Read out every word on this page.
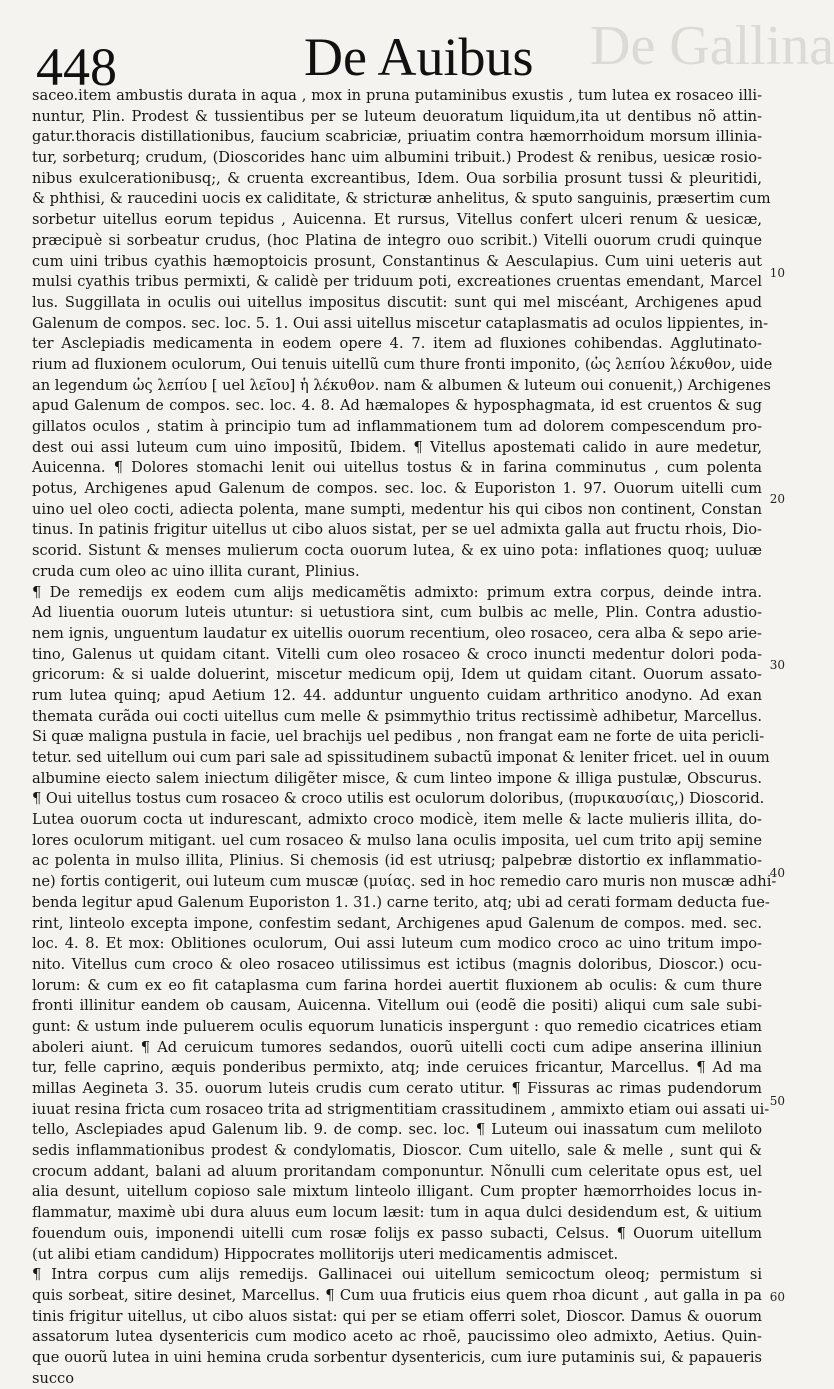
De Gallina
448	De Auibus
saceo.item ambustis durata in aqua , mox in pruna putaminibus exustis , tum lutea ex rosaceo illi-
nuntur, Plin. Prodest & tussientibus per se luteum deuoratum liquidum,ita ut dentibus nõ attin-
gatur.thoracis distillationibus, faucium scabriciæ, priuatim contra hæmorrhoidum morsum illinia-
tur, sorbeturq; crudum, (Dioscorides hanc uim albumini tribuit.) Prodest & renibus, uesicæ rosio-
nibus exulcerationibusq;, & cruenta excreantibus, Idem. Oua sorbilia prosunt tussi & pleuritidi,
& phthisi, & raucedini uocis ex caliditate, & stricturæ anhelitus, & sputo sanguinis, præsertim cum
sorbetur uitellus eorum tepidus , Auicenna. Et rursus, Vitellus confert ulceri renum & uesicæ,
præcipuè si sorbeatur crudus, (hoc Platina de integro ouo scribit.) Vitelli ouorum crudi quinque
cum uini tribus cyathis hæmoptoicis prosunt, Constantinus & Aesculapius. Cum uini ueteris aut
mulsi cyathis tribus permixti, & calidè per triduum poti, excreationes cruentas emendant, Marcel
lus. Suggillata in oculis oui uitellus impositus discutit: sunt qui mel miscéant, Archigenes apud
Galenum de compos. sec. loc. 5. 1. Oui assi uitellus miscetur cataplasmatis ad oculos lippientes, in-
ter Asclepiadis medicamenta in eodem opere 4. 7. item ad fluxiones cohibendas. Agglutinato-
rium ad fluxionem oculorum, Oui tenuis uitellũ cum thure fronti imponito, (ὡς λεπίου λέκυθον, uide
an legendum ὡς λεπίου [ uel λεῖου] ἡ λέκυθον. nam & albumen & luteum oui conuenit,) Archigenes
apud Galenum de compos. sec. loc. 4. 8. Ad hæmalopes & hyposphagmata, id est cruentos & sug
gillatos oculos , statim à principio tum ad inflammationem tum ad dolorem compescendum pro-
dest oui assi luteum cum uino impositũ, Ibidem. ¶ Vitellus apostemati calido in aure medetur,
Auicenna. ¶ Dolores stomachi lenit oui uitellus tostus & in farina comminutus , cum polenta
potus, Archigenes apud Galenum de compos. sec. loc. & Euporiston 1. 97. Ouorum uitelli cum
uino uel oleo cocti, adiecta polenta, mane sumpti, medentur his qui cibos non continent, Constan
tinus. In patinis frigitur uitellus ut cibo aluos sistat, per se uel admixta galla aut fructu rhois, Dio-
scorid. Sistunt & menses mulierum cocta ouorum lutea, & ex uino pota: inflationes quoq; uuluæ
cruda cum oleo ac uino illita curant, Plinius.
¶ De remedijs ex eodem cum alijs medicamẽtis admixto: primum extra corpus, deinde intra.
Ad liuentia ouorum luteis utuntur: si uetustiora sint, cum bulbis ac melle, Plin. Contra adustio-
nem ignis, unguentum laudatur ex uitellis ouorum recentium, oleo rosaceo, cera alba & sepo arie-
tino, Galenus ut quidam citant. Vitelli cum oleo rosaceo & croco inuncti medentur dolori poda-
gricorum: & si ualde doluerint, miscetur medicum opij, Idem ut quidam citant. Ouorum assato-
rum lutea quinq; apud Aetium 12. 44. adduntur unguento cuidam arthritico anodyno. Ad exan
themata curãda oui cocti uitellus cum melle & psimmythio tritus rectissimè adhibetur, Marcellus.
Si quæ maligna pustula in facie, uel brachijs uel pedibus , non frangat eam ne forte de uita pericli-
tetur. sed uitellum oui cum pari sale ad spissitudinem subactũ imponat & leniter fricet. uel in ouum
albumine eiecto salem iniectum diligẽter misce, & cum linteo impone & illiga pustulæ, Obscurus.
¶ Oui uitellus tostus cum rosaceo & croco utilis est oculorum doloribus, (πυρικαυσίαις,) Dioscorid.
Lutea ouorum cocta ut indurescant, admixto croco modicè, item melle & lacte mulieris illita, do-
lores oculorum mitigant. uel cum rosaceo & mulso lana oculis imposita, uel cum trito apij semine
ac polenta in mulso illita, Plinius. Si chemosis (id est utriusq; palpebræ distortio ex inflammatio-
ne) fortis contigerit, oui luteum cum muscæ (μυίας. sed in hoc remedio caro muris non muscæ adhi-
benda legitur apud Galenum Euporiston 1. 31.) carne terito, atq; ubi ad cerati formam deducta fue-
rint, linteolo excepta impone, confestim sedant, Archigenes apud Galenum de compos. med. sec.
loc. 4. 8. Et mox: Oblitiones oculorum, Oui assi luteum cum modico croco ac uino tritum impo-
nito. Vitellus cum croco & oleo rosaceo utilissimus est ictibus (magnis doloribus, Dioscor.) ocu-
lorum: & cum ex eo fit cataplasma cum farina hordei auertit fluxionem ab oculis: & cum thure
fronti illinitur eandem ob causam, Auicenna. Vitellum oui (eodẽ die positi) aliqui cum sale subi-
gunt: & ustum inde puluerem oculis equorum lunaticis inspergunt : quo remedio cicatrices etiam
aboleri aiunt. ¶ Ad ceruicum tumores sedandos, ouorũ uitelli cocti cum adipe anserina illiniun
tur, felle caprino, æquis ponderibus permixto, atq; inde ceruices fricantur, Marcellus. ¶ Ad ma
millas Aegineta 3. 35. ouorum luteis crudis cum cerato utitur. ¶ Fissuras ac rimas pudendorum
iuuat resina fricta cum rosaceo trita ad strigmentitiam crassitudinem , ammixto etiam oui assati ui-
tello, Asclepiades apud Galenum lib. 9. de comp. sec. loc. ¶ Luteum oui inassatum cum meliloto
sedis inflammationibus prodest & condylomatis, Dioscor. Cum uitello, sale & melle , sunt qui &
crocum addant, balani ad aluum proritandam componuntur. Nõnulli cum celeritate opus est, uel
alia desunt, uitellum copioso sale mixtum linteolo illigant. Cum propter hæmorrhoides locus in-
flammatur, maximè ubi dura aluus eum locum læsit: tum in aqua dulci desidendum est, & uitium
fouendum ouis, imponendi uitelli cum rosæ folijs ex passo subacti, Celsus. ¶ Ouorum uitellum
(ut alibi etiam candidum) Hippocrates mollitorijs uteri medicamentis admiscet.
¶ Intra corpus cum alijs remedijs. Gallinacei oui uitellum semicoctum oleoq; permistum si
quis sorbeat, sitire desinet, Marcellus. ¶ Cum uua fruticis eius quem rhoa dicunt , aut galla in pa
tinis frigitur uitellus, ut cibo aluos sistat: qui per se etiam offerri solet, Dioscor. Damus & ouorum
assatorum lutea dysentericis cum modico aceto ac rhoẽ, paucissimo oleo admixto, Aetius. Quin-
que ouorũ lutea in uini hemina cruda sorbentur dysentericis, cum iure putaminis sui, & papaueris
succo
10
20
30
40
50
60
